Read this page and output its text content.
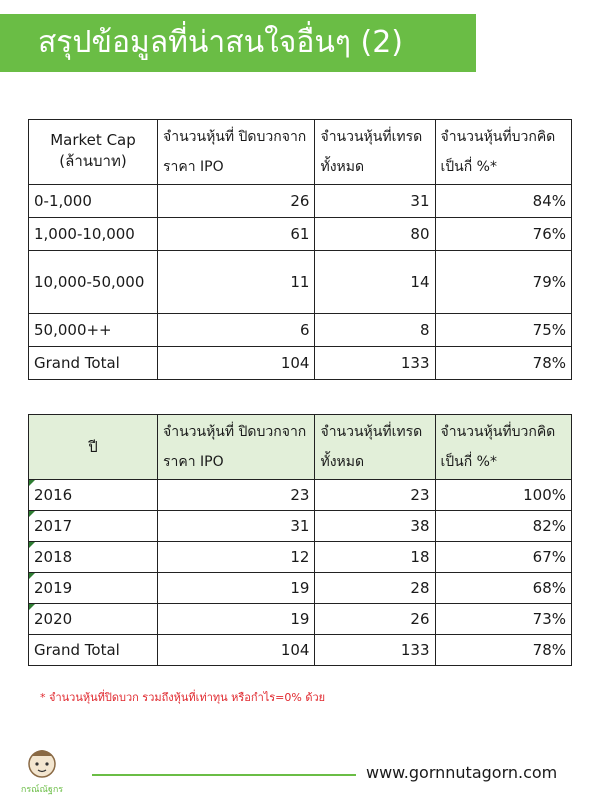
สรุปข้อมูลที่น่าสนใจอื่นๆ (2)
Market Cap (ล้านบาท)	จำนวนหุ้นที่ ปิดบวกจากราคา IPO	จำนวนหุ้นที่เทรดทั้งหมด	จำนวนหุ้นที่บวกคิดเป็นกี่ %*
0-1,000	26	31	84%
1,000-10,000	61	80	76%
10,000-50,000	11	14	79%
50,000++	6	8	75%
Grand Total	104	133	78%
ปี	จำนวนหุ้นที่ ปิดบวกจากราคา IPO	จำนวนหุ้นที่เทรดทั้งหมด	จำนวนหุ้นที่บวกคิดเป็นกี่ %*
2016	23	23	100%
2017	31	38	82%
2018	12	18	67%
2019	19	28	68%
2020	19	26	73%
Grand Total	104	133	78%
* จำนวนหุ้นที่ปิดบวก รวมถึงหุ้นที่เท่าทุน หรือกำไร=0% ด้วย
กรณ์ณัฐกร
www.gornnutagorn.com
